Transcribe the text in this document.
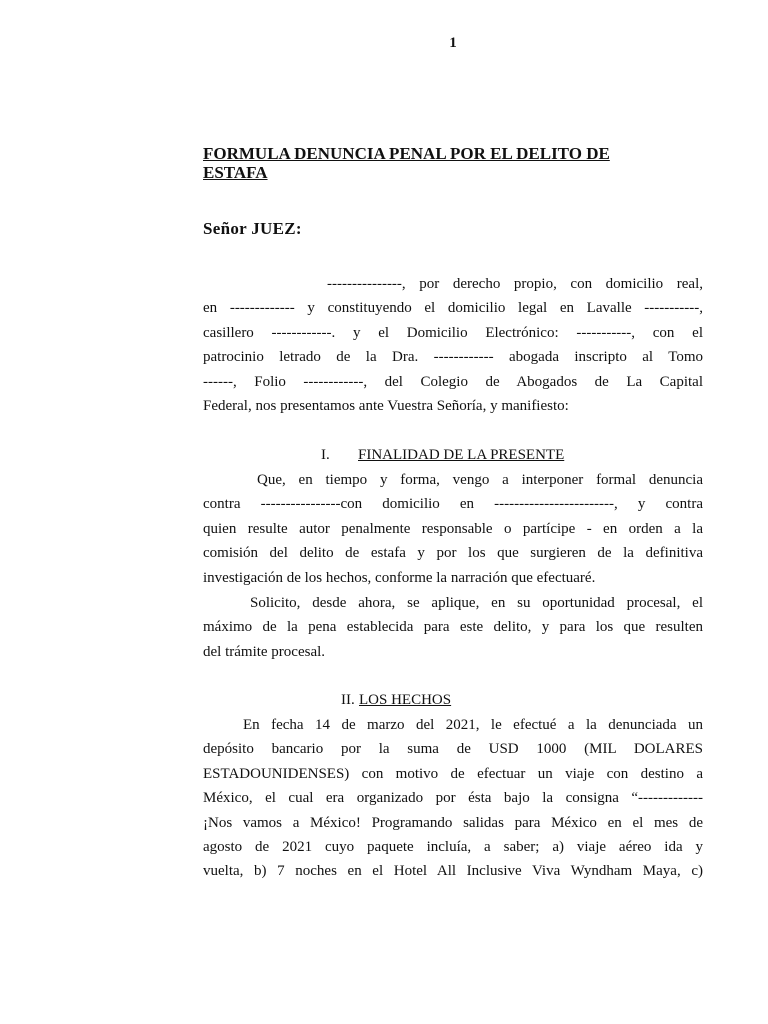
1
FORMULA DENUNCIA PENAL POR EL DELITO DE
ESTAFA
Señor JUEZ:
---------------, por derecho propio, con domicilio real,
en ------------- y constituyendo el domicilio legal en Lavalle -----------,
casillero ------------. y el Domicilio Electrónico: -----------, con el
patrocinio letrado de la Dra. ------------ abogada inscripto al Tomo
------, Folio ------------, del Colegio de Abogados de La Capital
Federal, nos presentamos ante Vuestra Señoría, y manifiesto:
I. FINALIDAD DE LA PRESENTE
Que, en tiempo y forma, vengo a interponer formal denuncia
contra ----------------con domicilio en ------------------------, y contra
quien resulte autor penalmente responsable o partícipe - en orden a la
comisión del delito de estafa y por los que surgieren de la definitiva
investigación de los hechos, conforme la narración que efectuaré.
Solicito, desde ahora, se aplique, en su oportunidad procesal, el
máximo de la pena establecida para este delito, y para los que resulten
del trámite procesal.
II. LOS HECHOS
En fecha 14 de marzo del 2021, le efectué a la denunciada un
depósito bancario por la suma de USD 1000 (MIL DOLARES
ESTADOUNIDENSES) con motivo de efectuar un viaje con destino a
México, el cual era organizado por ésta bajo la consigna “-------------
¡Nos vamos a México! Programando salidas para México en el mes de
agosto de 2021 cuyo paquete incluía, a saber; a) viaje aéreo ida y
vuelta, b) 7 noches en el Hotel All Inclusive Viva Wyndham Maya, c)
